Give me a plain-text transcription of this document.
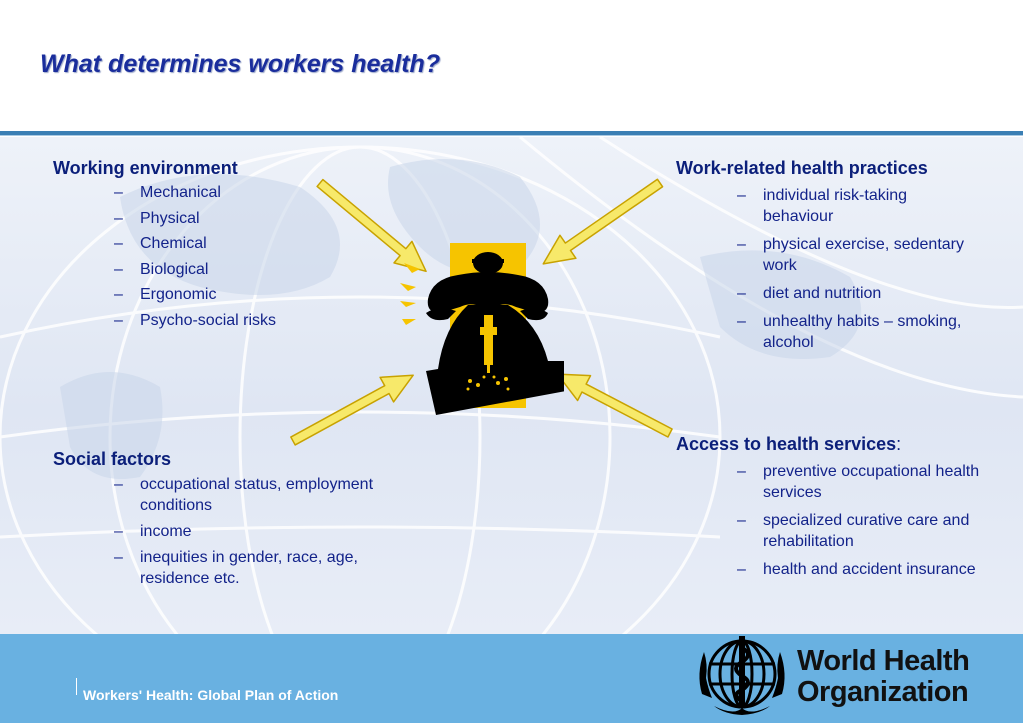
What determines workers health?
Working environment
– Mechanical
– Physical
– Chemical
– Biological
– Ergonomic
– Psycho-social risks
Social factors
– occupational status, employment conditions
– income
– inequities in gender, race, age, residence etc.
Work-related health practices
– individual risk-taking behaviour
– physical exercise, sedentary work
– diet and nutrition
– unhealthy habits – smoking, alcohol
Access to health services:
– preventive occupational health services
– specialized curative care and rehabilitation
– health and accident insurance
Workers' Health: Global Plan of Action
World Health
Organization
